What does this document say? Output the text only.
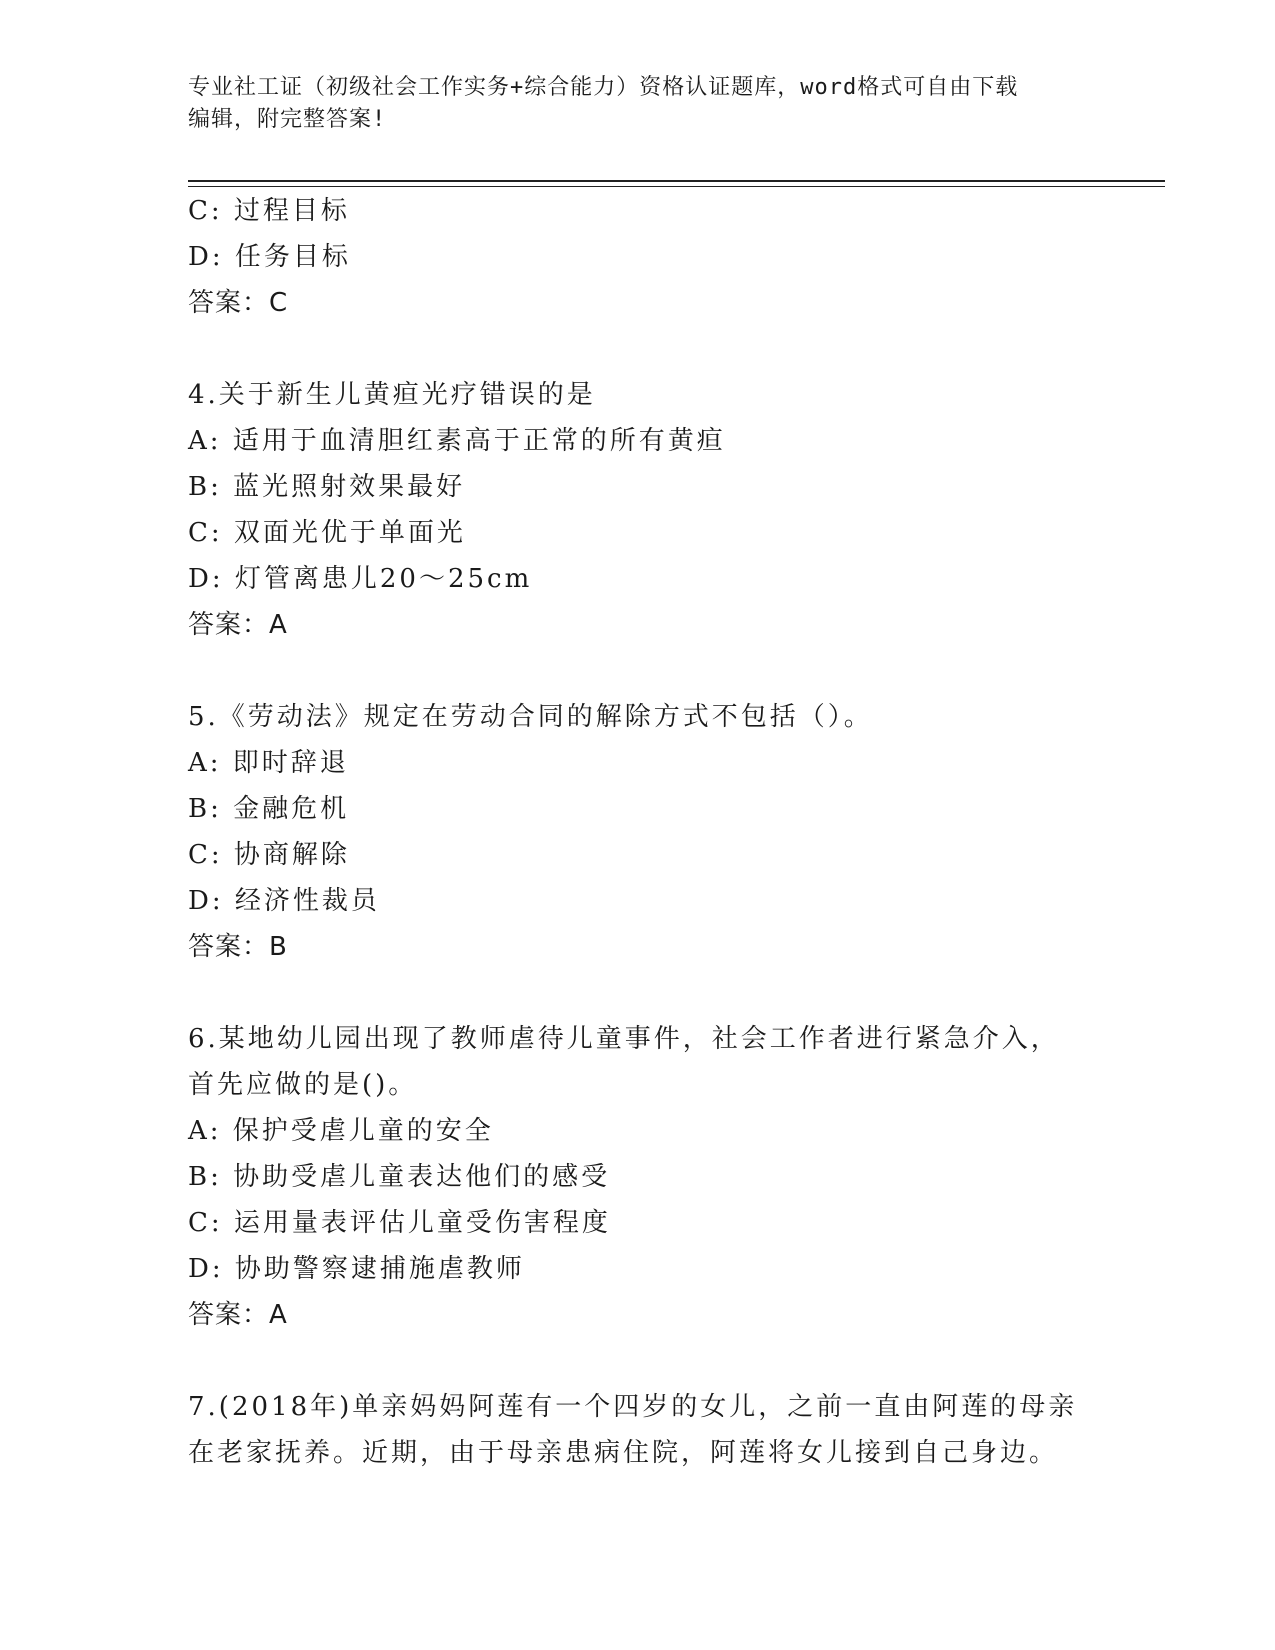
专业社工证（初级社会工作实务+综合能力）资格认证题库，word格式可自由下载
编辑，附完整答案!
C: 过程目标
D: 任务目标
答案：C
4.关于新生儿黄疸光疗错误的是
A: 适用于血清胆红素高于正常的所有黄疸
B: 蓝光照射效果最好
C: 双面光优于单面光
D: 灯管离患儿20～25cm
答案：A
5.《劳动法》规定在劳动合同的解除方式不包括（）。
A: 即时辞退
B: 金融危机
C: 协商解除
D: 经济性裁员
答案：B
6.某地幼儿园出现了教师虐待儿童事件，社会工作者进行紧急介入，
首先应做的是()。
A: 保护受虐儿童的安全
B: 协助受虐儿童表达他们的感受
C: 运用量表评估儿童受伤害程度
D: 协助警察逮捕施虐教师
答案：A
7.(2018年)单亲妈妈阿莲有一个四岁的女儿，之前一直由阿莲的母亲
在老家抚养。近期，由于母亲患病住院，阿莲将女儿接到自己身边。
